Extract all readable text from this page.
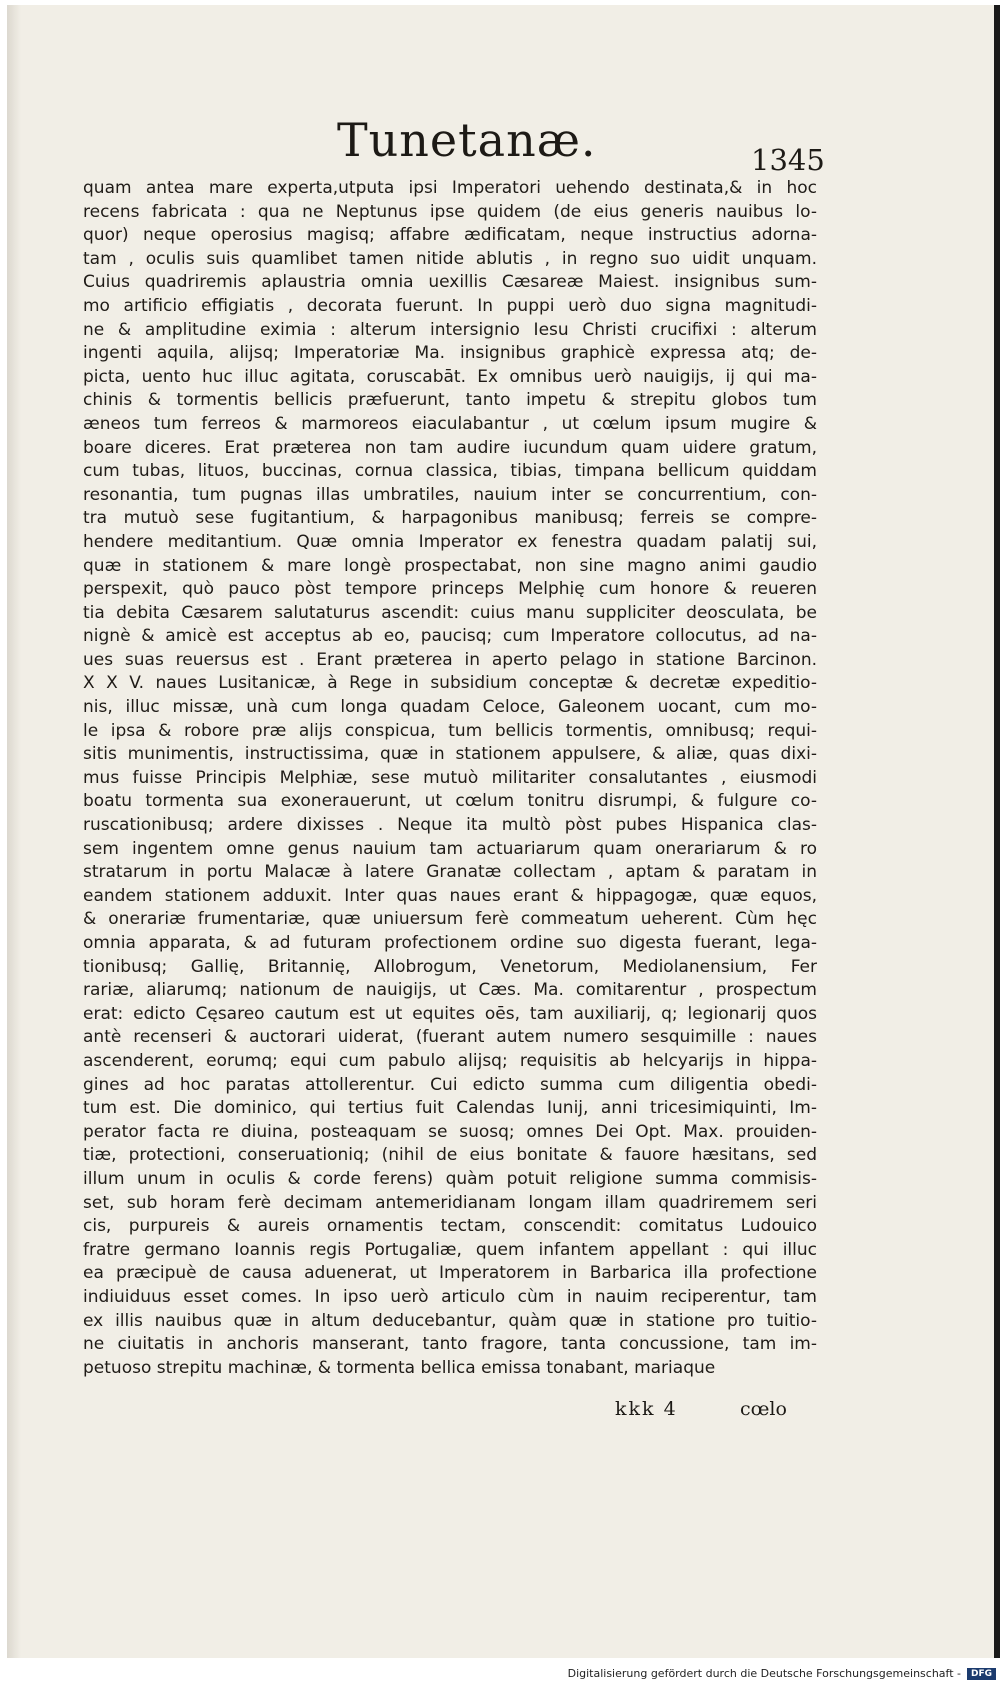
Tunetanæ.	1345
quam antea mare experta,utputa ipsi Imperatori uehendo destinata,& in hoc
recens fabricata : qua ne Neptunus ipse quidem (de eius generis nauibus lo-
quor) neque operosius magisq; affabre ædificatam, neque instructius adorna-
tam , oculis suis quamlibet tamen nitide ablutis , in regno suo uidit unquam.
Cuius quadriremis aplaustria omnia uexillis Cæsareæ Maiest. insignibus sum-
mo artificio effigiatis , decorata fuerunt. In puppi uerò duo signa magnitudi-
ne & amplitudine eximia : alterum intersignio Iesu Christi crucifixi : alterum
ingenti aquila, alijsq; Imperatoriæ Ma. insignibus graphicè expressa atq; de-
picta, uento huc illuc agitata, coruscabāt. Ex omnibus uerò nauigijs, ij qui ma-
chinis & tormentis bellicis præfuerunt, tanto impetu & strepitu globos tum
æneos tum ferreos & marmoreos eiaculabantur , ut cœlum ipsum mugire &
boare diceres. Erat præterea non tam audire iucundum quam uidere gratum,
cum tubas, lituos, buccinas, cornua classica, tibias, timpana bellicum quiddam
resonantia, tum pugnas illas umbratiles, nauium inter se concurrentium, con-
tra mutuò sese fugitantium, & harpagonibus manibusq; ferreis se compre-
hendere meditantium. Quæ omnia Imperator ex fenestra quadam palatij sui,
quæ in stationem & mare longè prospectabat, non sine magno animi gaudio
perspexit, quò pauco pòst tempore princeps Melphię cum honore & reueren
tia debita Cæsarem salutaturus ascendit: cuius manu suppliciter deosculata, be
nignè & amicè est acceptus ab eo, paucisq; cum Imperatore collocutus, ad na-
ues suas reuersus est . Erant præterea in aperto pelago in statione Barcinon.
X X V. naues Lusitanicæ, à Rege in subsidium conceptæ & decretæ expeditio-
nis, illuc missæ, unà cum longa quadam Celoce, Galeonem uocant, cum mo-
le ipsa & robore præ alijs conspicua, tum bellicis tormentis, omnibusq; requi-
sitis munimentis, instructissima, quæ in stationem appulsere, & aliæ, quas dixi-
mus fuisse Principis Melphiæ, sese mutuò militariter consalutantes , eiusmodi
boatu tormenta sua exonerauerunt, ut cœlum tonitru disrumpi, & fulgure co-
ruscationibusq; ardere dixisses . Neque ita multò pòst pubes Hispanica clas-
sem ingentem omne genus nauium tam actuariarum quam onerariarum & ro
stratarum in portu Malacæ à latere Granatæ collectam , aptam & paratam in
eandem stationem adduxit. Inter quas naues erant & hippagogæ, quæ equos,
& onerariæ frumentariæ, quæ uniuersum ferè commeatum ueherent. Cùm hęc
omnia apparata, & ad futuram profectionem ordine suo digesta fuerant, lega-
tionibusq; Gallię, Britannię, Allobrogum, Venetorum, Mediolanensium, Fer
rariæ, aliarumq; nationum de nauigijs, ut Cæs. Ma. comitarentur , prospectum
erat: edicto Cęsareo cautum est ut equites oēs, tam auxiliarij, q; legionarij quos
antè recenseri & auctorari uiderat, (fuerant autem numero sesquimille : naues
ascenderent, eorumq; equi cum pabulo alijsq; requisitis ab helcyarijs in hippa-
gines ad hoc paratas attollerentur. Cui edicto summa cum diligentia obedi-
tum est. Die dominico, qui tertius fuit Calendas Iunij, anni tricesimiquinti, Im-
perator facta re diuina, posteaquam se suosq; omnes Dei Opt. Max. prouiden-
tiæ, protectioni, conseruationiq; (nihil de eius bonitate & fauore hæsitans, sed
illum unum in oculis & corde ferens) quàm potuit religione summa commisis-
set, sub horam ferè decimam antemeridianam longam illam quadriremem seri
cis, purpureis & aureis ornamentis tectam, conscendit: comitatus Ludouico
fratre germano Ioannis regis Portugaliæ, quem infantem appellant : qui illuc
ea præcipuè de causa aduenerat, ut Imperatorem in Barbarica illa profectione
indiuiduus esset comes. In ipso uerò articulo cùm in nauim reciperentur, tam
ex illis nauibus quæ in altum deducebantur, quàm quæ in statione pro tuitio-
ne ciuitatis in anchoris manserant, tanto fragore, tanta concussione, tam im-
petuoso strepitu machinæ, & tormenta bellica emissa tonabant, mariaque
kkk 4	cœlo
Digitalisierung gefördert durch die Deutsche Forschungsgemeinschaft -	DFG
